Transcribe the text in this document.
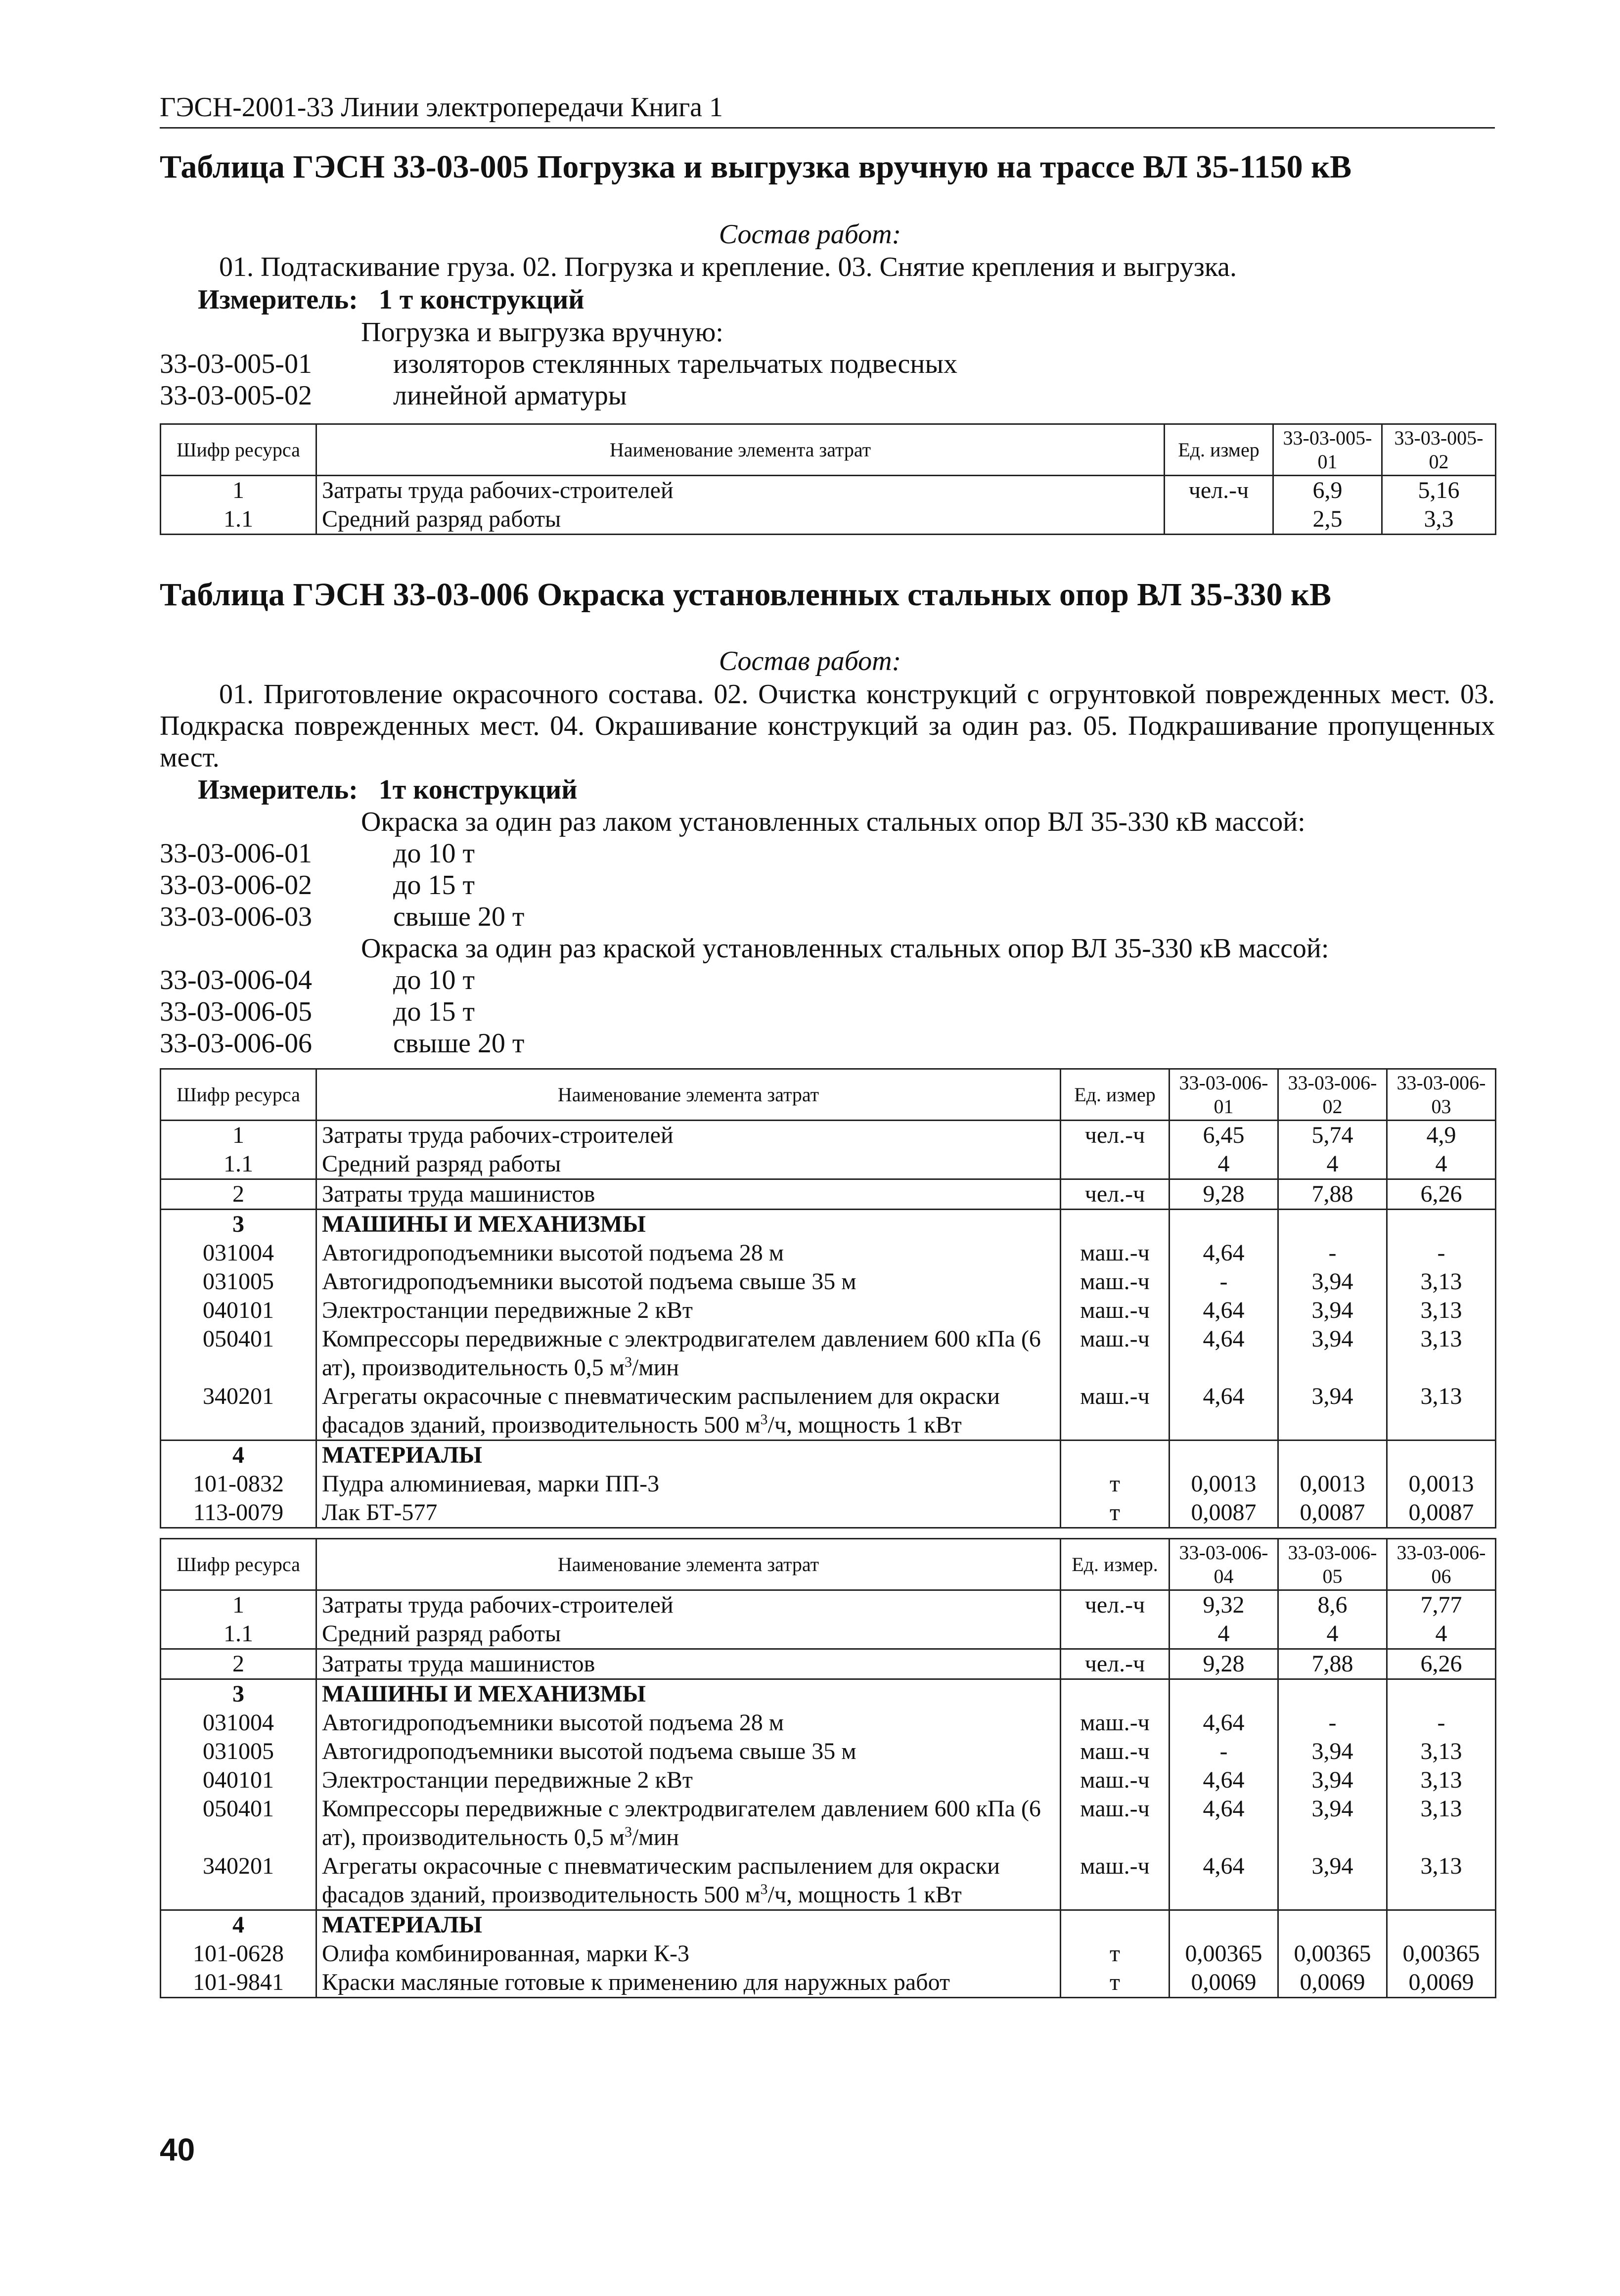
ГЭСН-2001-33 Линии электропередачи Книга 1
Таблица ГЭСН 33-03-005 Погрузка и выгрузка вручную на трассе ВЛ 35-1150 кВ
Состав работ:
01. Подтаскивание груза. 02. Погрузка и крепление. 03. Снятие крепления и выгрузка.
Измеритель: 1 т конструкций
Погрузка и выгрузка вручную:
33-03-005-01	изоляторов стеклянных тарельчатых подвесных
33-03-005-02	линейной арматуры
Шифр ресурса	Наименование элемента затрат	Ед. измер	33-03-005-01	33-03-005-02
1	Затраты труда рабочих-строителей	чел.-ч	6,9	5,16
1.1	Средний разряд работы		2,5	3,3
Таблица ГЭСН 33-03-006 Окраска установленных стальных опор ВЛ 35-330 кВ
Состав работ:
01. Приготовление окрасочного состава. 02. Очистка конструкций с огрунтовкой поврежденных мест. 03. Подкраска поврежденных мест. 04. Окрашивание конструкций за один раз. 05. Подкрашивание пропущенных мест.
Измеритель: 1т конструкций
Окраска за один раз лаком установленных стальных опор ВЛ 35-330 кВ массой:
33-03-006-01	до 10 т
33-03-006-02	до 15 т
33-03-006-03	свыше 20 т
Окраска за один раз краской установленных стальных опор ВЛ 35-330 кВ массой:
33-03-006-04	до 10 т
33-03-006-05	до 15 т
33-03-006-06	свыше 20 т
Шифр ресурса	Наименование элемента затрат	Ед. измер	33-03-006-01	33-03-006-02	33-03-006-03
1	Затраты труда рабочих-строителей	чел.-ч	6,45	5,74	4,9
1.1	Средний разряд работы		4	4	4
2	Затраты труда машинистов	чел.-ч	9,28	7,88	6,26
3	МАШИНЫ И МЕХАНИЗМЫ				
031004	Автогидроподъемники высотой подъема 28 м	маш.-ч	4,64	-	-
031005	Автогидроподъемники высотой подъема свыше 35 м	маш.-ч	-	3,94	3,13
040101	Электростанции передвижные 2 кВт	маш.-ч	4,64	3,94	3,13
050401	Компрессоры передвижные с электродвигателем давлением 600 кПа (6 ат), производительность 0,5 $м^3$/мин	маш.-ч	4,64	3,94	3,13
340201	Агрегаты окрасочные с пневматическим распылением для окраски фасадов зданий, производительность 500 $м^3/ч$, мощность 1 кВт	маш.-ч	4,64	3,94	3,13
4	МАТЕРИАЛЫ				
101-0832	Пудра алюминиевая, марки ПП-3	т	0,0013	0,0013	0,0013
113-0079	Лак БТ-577	т	0,0087	0,0087	0,0087
Шифр ресурса	Наименование элемента затрат	Ед. измер.	33-03-006-04	33-03-006-05	33-03-006-06
1	Затраты труда рабочих-строителей	чел.-ч	9,32	8,6	7,77
1.1	Средний разряд работы		4	4	4
2	Затраты труда машинистов	чел.-ч	9,28	7,88	6,26
3	МАШИНЫ И МЕХАНИЗМЫ				
031004	Автогидроподъемники высотой подъема 28 м	маш.-ч	4,64	-	-
031005	Автогидроподъемники высотой подъема свыше 35 м	маш.-ч	-	3,94	3,13
040101	Электростанции передвижные 2 кВт	маш.-ч	4,64	3,94	3,13
050401	Компрессоры передвижные с электродвигателем давлением 600 кПа (6 ат), производительность 0,5 $м^3$/мин	маш.-ч	4,64	3,94	3,13
340201	Агрегаты окрасочные с пневматическим распылением для окраски фасадов зданий, производительность 500 $м^3/ч$, мощность 1 кВт	маш.-ч	4,64	3,94	3,13
4	МАТЕРИАЛЫ				
101-0628	Олифа комбинированная, марки К-3	т	0,00365	0,00365	0,00365
101-9841	Краски масляные готовые к применению для наружных работ	т	0,0069	0,0069	0,0069
40
